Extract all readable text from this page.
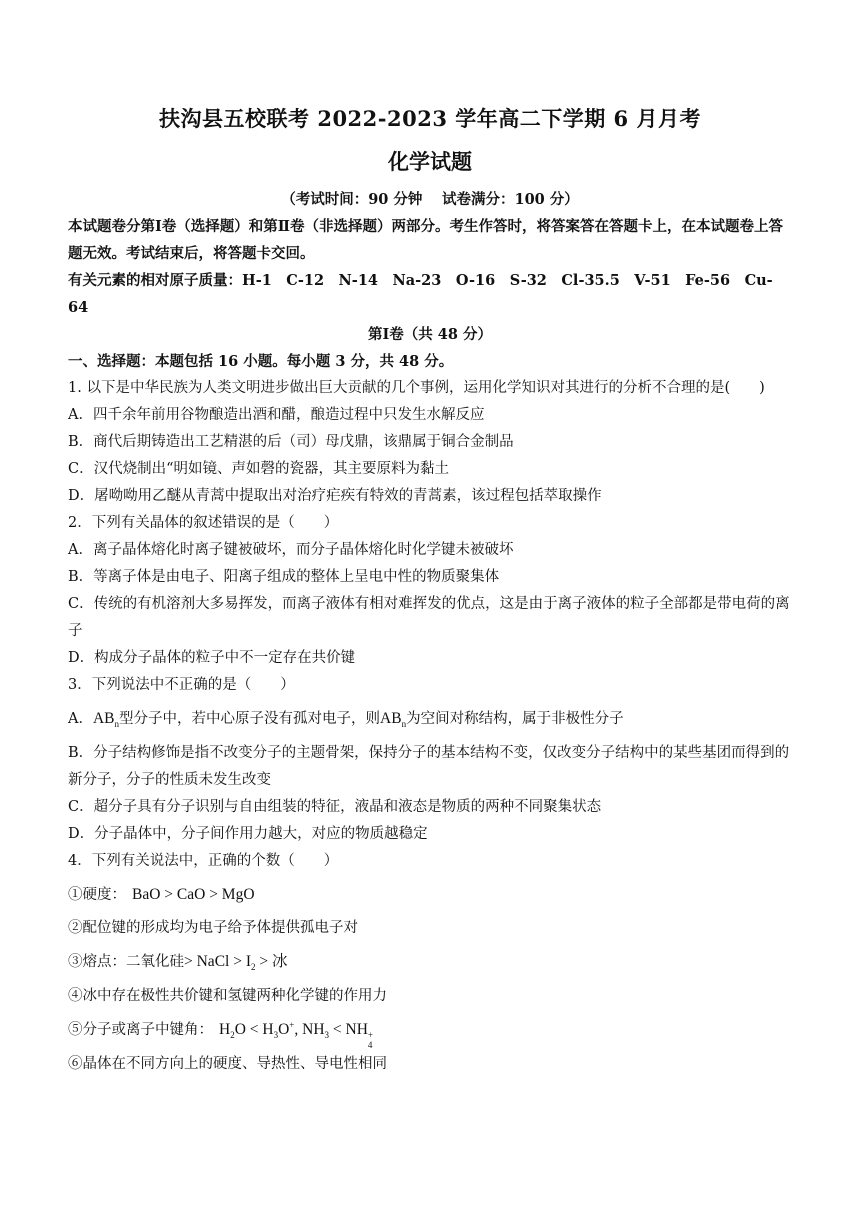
扶沟县五校联考 2022-2023 学年高二下学期 6 月月考
化学试题

（考试时间：90 分钟　 试卷满分：100 分）

本试题卷分第Ⅰ卷（选择题）和第Ⅱ卷（非选择题）两部分。考生作答时，将答案答在答题卡上，在本试题卷上答题无效。考试结束后，将答题卡交回。

有关元素的相对原子质量：H-1　C-12　N-14　Na-23　O-16　S-32　Cl-35.5　V-51　Fe-56　Cu-64

第Ⅰ卷（共 48 分）

一、选择题：本题包括 16 小题。每小题 3 分，共 48 分。

1. 以下是中华民族为人类文明进步做出巨大贡献的几个事例，运用化学知识对其进行的分析不合理的是(　　)

A．四千余年前用谷物酿造出酒和醋，酿造过程中只发生水解反应

B．商代后期铸造出工艺精湛的后（司）母戊鼎，该鼎属于铜合金制品

C．汉代烧制出“明如镜、声如磬的瓷器，其主要原料为黏土

D．屠呦呦用乙醚从青蒿中提取出对治疗疟疾有特效的青蒿素，该过程包括萃取操作

2．下列有关晶体的叙述错误的是（　　）

A．离子晶体熔化时离子键被破坏，而分子晶体熔化时化学键未被破坏

B．等离子体是由电子、阳离子组成的整体上呈电中性的物质聚集体

C．传统的有机溶剂大多易挥发，而离子液体有相对难挥发的优点，这是由于离子液体的粒子全部都是带电荷的离子

D．构成分子晶体的粒子中不一定存在共价键

3．下列说法中不正确的是（　　）

A．$AB_n$型分子中，若中心原子没有孤对电子，则$AB_n$为空间对称结构，属于非极性分子

B．分子结构修饰是指不改变分子的主题骨架，保持分子的基本结构不变，仅改变分子结构中的某些基团而得到的新分子，分子的性质未发生改变

C．超分子具有分子识别与自由组装的特征，液晶和液态是物质的两种不同聚集状态

D．分子晶体中，分子间作用力越大，对应的物质越稳定

4．下列有关说法中，正确的个数（　　）

①硬度： BaO > CaO > MgO

②配位键的形成均为电子给予体提供孤电子对

③熔点：二氧化硅> NaCl > $I_2$ > 冰

④冰中存在极性共价键和氢键两种化学键的作用力

⑤分子或离子中键角： $H_2O < H_3O^+$, $NH_3$ < NH +
4

⑥晶体在不同方向上的硬度、导热性、导电性相同
